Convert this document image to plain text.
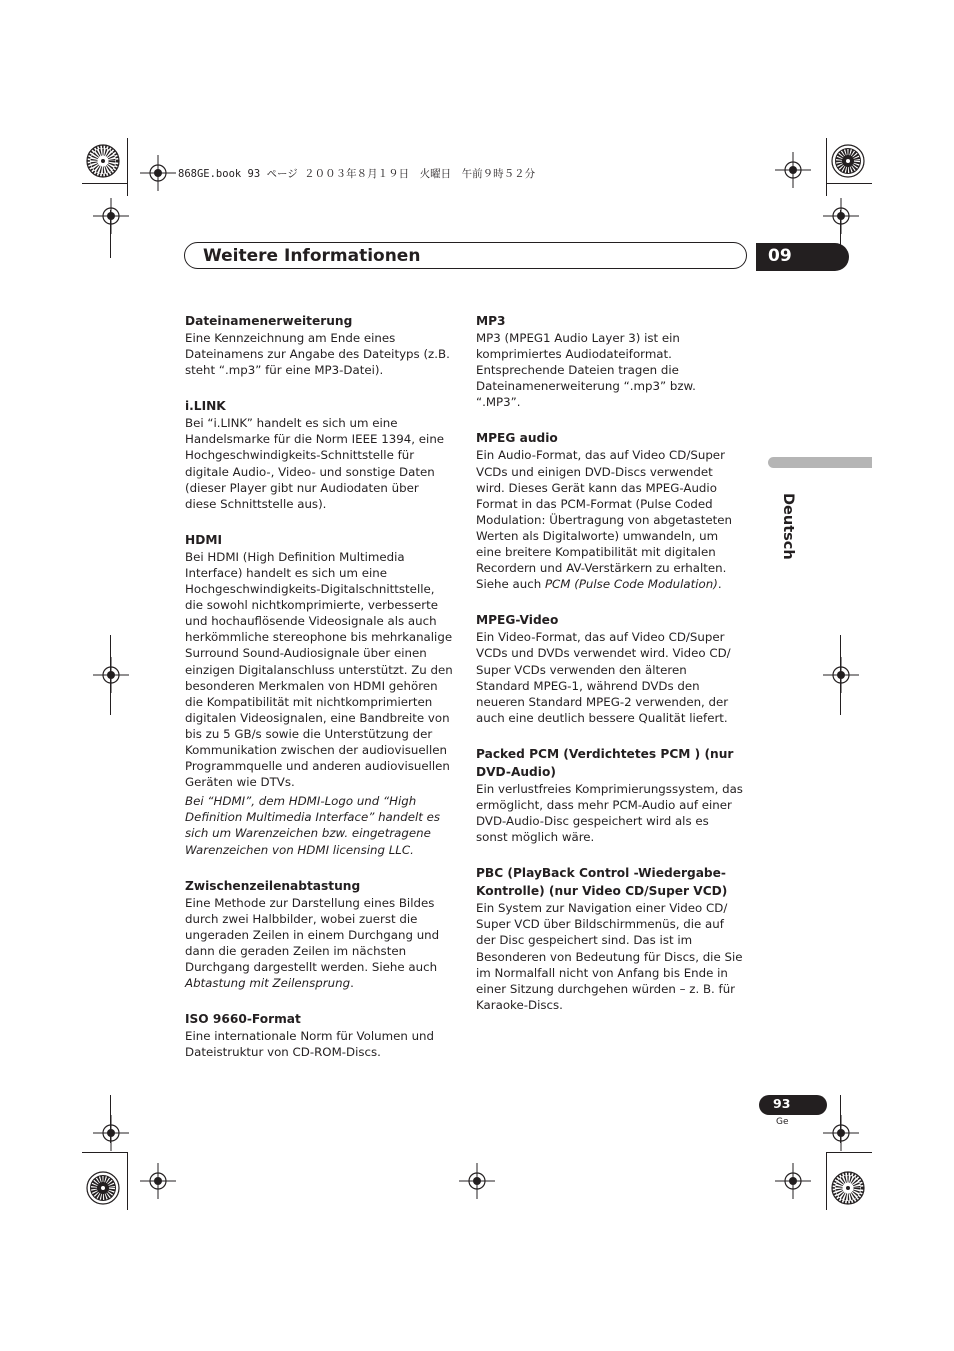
868GE.book 93 ページ ２００３年８月１９日　火曜日　午前９時５２分
Weitere Informationen	09
Deutsch
Dateinamenerweiterung

Eine Kennzeichnung am Ende eines Dateinamens zur Angabe des Dateityps (z.B. steht “.mp3” für eine MP3-Datei).

i.LINK

Bei “i.LINK” handelt es sich um eine Handelsmarke für die Norm IEEE 1394, eine Hochgeschwindigkeits-Schnittstelle für digitale Audio-, Video- und sonstige Daten (dieser Player gibt nur Audiodaten über diese Schnittstelle aus).

HDMI

Bei HDMI (High Definition Multimedia Interface) handelt es sich um eine Hochgeschwindigkeits-Digitalschnittstelle, die sowohl nichtkomprimierte, verbesserte und hochauflösende Videosignale als auch herkömmliche stereophone bis mehrkanalige Surround Sound-Audiosignale über einen einzigen Digitalanschluss unterstützt. Zu den besonderen Merkmalen von HDMI gehören die Kompatibilität mit nichtkomprimierten digitalen Videosignalen, eine Bandbreite von bis zu 5 GB/s sowie die Unterstützung der Kommunikation zwischen der audiovisuellen Programmquelle und anderen audiovisuellen Geräten wie DTVs.

Bei “HDMI”, dem HDMI-Logo und “High Definition Multimedia Interface” handelt es sich um Warenzeichen bzw. eingetragene Warenzeichen von HDMI licensing LLC.

Zwischenzeilenabtastung

Eine Methode zur Darstellung eines Bildes durch zwei Halbbilder, wobei zuerst die ungeraden Zeilen in einem Durchgang und dann die geraden Zeilen im nächsten Durchgang dargestellt werden. Siehe auch Abtastung mit Zeilensprung.

ISO 9660-Format

Eine internationale Norm für Volumen und Dateistruktur von CD-ROM-Discs.

MP3

MP3 (MPEG1 Audio Layer 3) ist ein komprimiertes Audiodateiformat. Entsprechende Dateien tragen die Dateinamenerweiterung “.mp3” bzw. “.MP3”.

MPEG audio

Ein Audio-Format, das auf Video CD/Super VCDs und einigen DVD-Discs verwendet wird. Dieses Gerät kann das MPEG-Audio Format in das PCM-Format (Pulse Coded Modulation: Übertragung von abgetasteten Werten als Digitalworte) umwandeln, um eine breitere Kompatibilität mit digitalen Recordern und AV-Verstärkern zu erhalten. Siehe auch PCM (Pulse Code Modulation).

MPEG-Video

Ein Video-Format, das auf Video CD/Super VCDs und DVDs verwendet wird. Video CD/ Super VCDs verwenden den älteren Standard MPEG-1, während DVDs den neueren Standard MPEG-2 verwenden, der auch eine deutlich bessere Qualität liefert.

Packed PCM (Verdichtetes PCM ) (nur DVD-Audio)

Ein verlustfreies Komprimierungssystem, das ermöglicht, dass mehr PCM-Audio auf einer DVD-Audio-Disc gespeichert wird als es sonst möglich wäre.

PBC (PlayBack Control -Wiedergabe-Kontrolle) (nur Video CD/Super VCD)

Ein System zur Navigation einer Video CD/ Super VCD über Bildschirmmenüs, die auf der Disc gespeichert sind. Das ist im Besonderen von Bedeutung für Discs, die Sie im Normalfall nicht von Anfang bis Ende in einer Sitzung durchgehen würden – z. B. für Karaoke-Discs.

93
Ge
